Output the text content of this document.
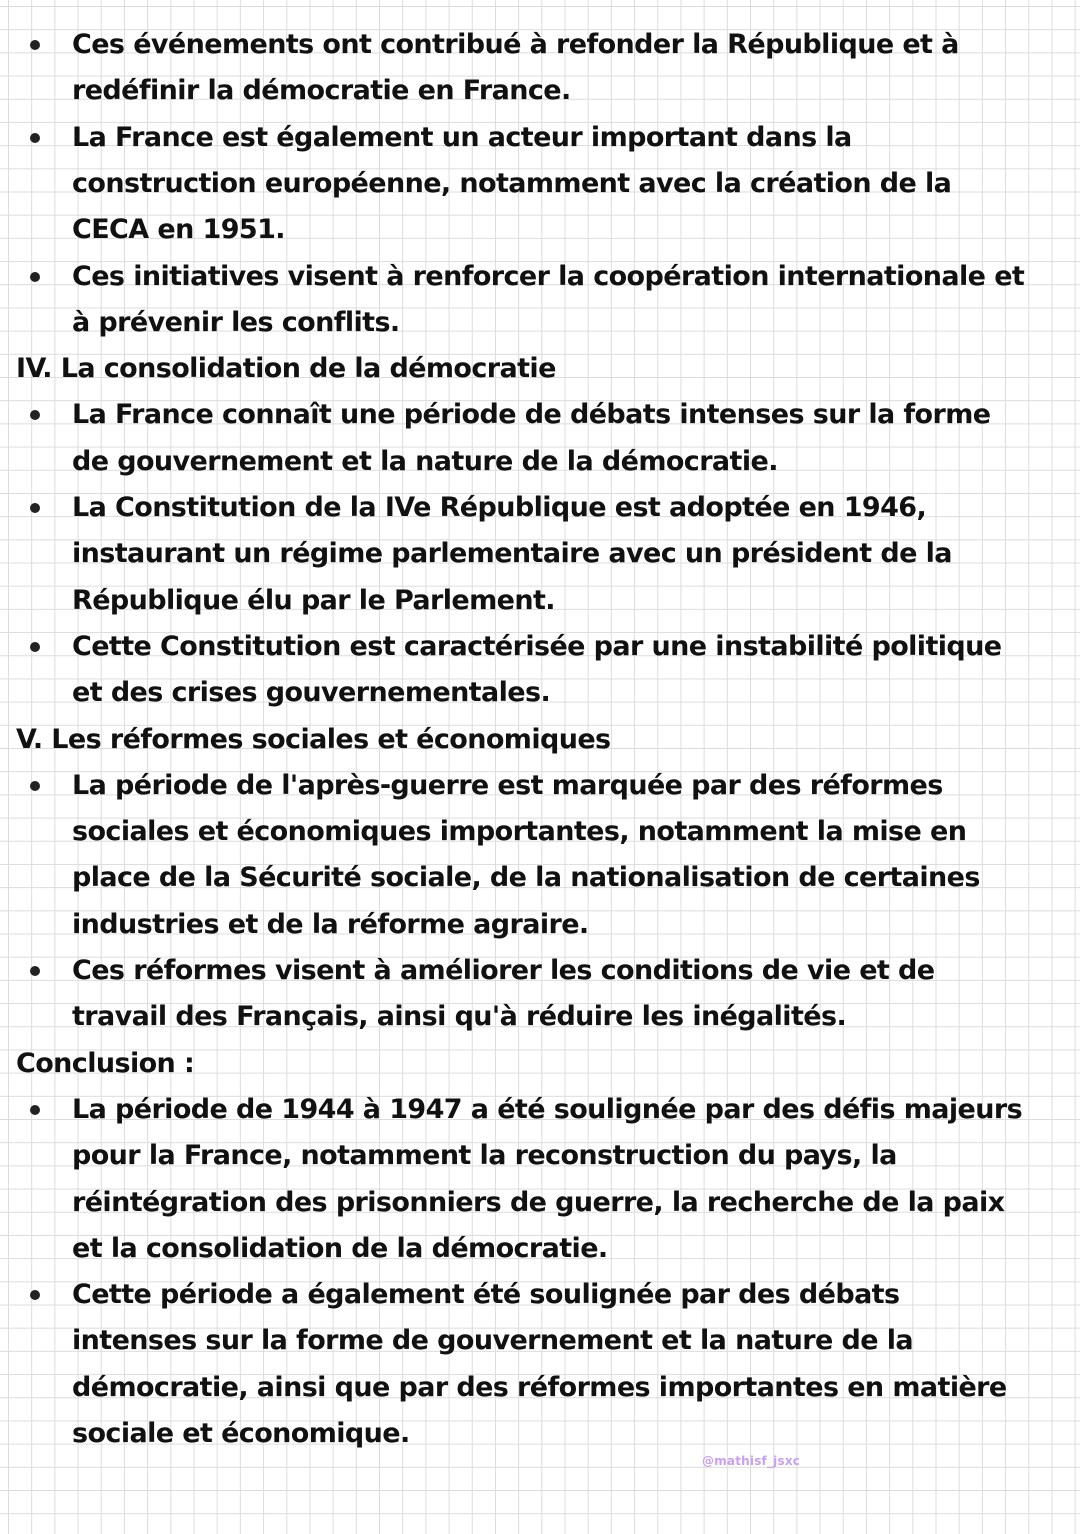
Ces événements ont contribué à refonder la République et à
redéfinir la démocratie en France.
La France est également un acteur important dans la
construction européenne, notamment avec la création de la
CECA en 1951.
Ces initiatives visent à renforcer la coopération internationale et
à prévenir les conflits.
IV. La consolidation de la démocratie
La France connaît une période de débats intenses sur la forme
de gouvernement et la nature de la démocratie.
La Constitution de la IVe République est adoptée en 1946,
instaurant un régime parlementaire avec un président de la
République élu par le Parlement.
Cette Constitution est caractérisée par une instabilité politique
et des crises gouvernementales.
V. Les réformes sociales et économiques
La période de l'après-guerre est marquée par des réformes
sociales et économiques importantes, notamment la mise en
place de la Sécurité sociale, de la nationalisation de certaines
industries et de la réforme agraire.
Ces réformes visent à améliorer les conditions de vie et de
travail des Français, ainsi qu'à réduire les inégalités.
Conclusion :
La période de 1944 à 1947 a été soulignée par des défis majeurs
pour la France, notamment la reconstruction du pays, la
réintégration des prisonniers de guerre, la recherche de la paix
et la consolidation de la démocratie.
Cette période a également été soulignée par des débats
intenses sur la forme de gouvernement et la nature de la
démocratie, ainsi que par des réformes importantes en matière
sociale et économique.
@mathisf_jsxc
